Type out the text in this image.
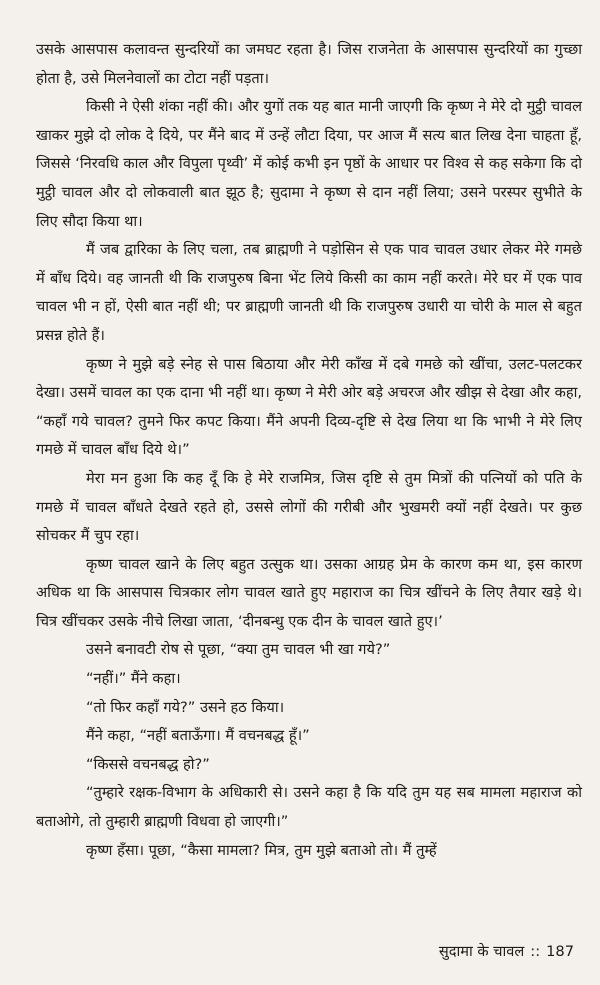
उसके आसपास कलावन्त सुन्दरियों का जमघट रहता है। जिस राजनेता के आसपास सुन्दरियों का गुच्छा होता है, उसे मिलनेवालों का टोटा नहीं पड़ता।

किसी ने ऐसी शंका नहीं की। और युगों तक यह बात मानी जाएगी कि कृष्ण ने मेरे दो मुट्ठी चावल खाकर मुझे दो लोक दे दिये, पर मैंने बाद में उन्हें लौटा दिया, पर आज मैं सत्य बात लिख देना चाहता हूँ, जिससे ‘निरवधि काल और विपुला पृथ्वी’ में कोई कभी इन पृष्ठों के आधार पर विश्व से कह सकेगा कि दो मुट्ठी चावल और दो लोकवाली बात झूठ है; सुदामा ने कृष्ण से दान नहीं लिया; उसने परस्पर सुभीते के लिए सौदा किया था।

मैं जब द्वारिका के लिए चला, तब ब्राह्मणी ने पड़ोसिन से एक पाव चावल उधार लेकर मेरे गमछे में बाँध दिये। वह जानती थी कि राजपुरुष बिना भेंट लिये किसी का काम नहीं करते। मेरे घर में एक पाव चावल भी न हों, ऐसी बात नहीं थी; पर ब्राह्मणी जानती थी कि राजपुरुष उधारी या चोरी के माल से बहुत प्रसन्न होते हैं।

कृष्ण ने मुझे बड़े स्नेह से पास बिठाया और मेरी काँख में दबे गमछे को खींचा, उलट-पलटकर देखा। उसमें चावल का एक दाना भी नहीं था। कृष्ण ने मेरी ओर बड़े अचरज और खीझ से देखा और कहा, “कहाँ गये चावल? तुमने फिर कपट किया। मैंने अपनी दिव्य-दृष्टि से देख लिया था कि भाभी ने मेरे लिए गमछे में चावल बाँध दिये थे।”

मेरा मन हुआ कि कह दूँ कि हे मेरे राजमित्र, जिस दृष्टि से तुम मित्रों की पत्नियों को पति के गमछे में चावल बाँधते देखते रहते हो, उससे लोगों की गरीबी और भुखमरी क्यों नहीं देखते। पर कुछ सोचकर मैं चुप रहा।

कृष्ण चावल खाने के लिए बहुत उत्सुक था। उसका आग्रह प्रेम के कारण कम था, इस कारण अधिक था कि आसपास चित्रकार लोग चावल खाते हुए महाराज का चित्र खींचने के लिए तैयार खड़े थे। चित्र खींचकर उसके नीचे लिखा जाता, ‘दीनबन्धु एक दीन के चावल खाते हुए।’

उसने बनावटी रोष से पूछा, “क्या तुम चावल भी खा गये?”

“नहीं।” मैंने कहा।

“तो फिर कहाँ गये?” उसने हठ किया।

मैंने कहा, “नहीं बताऊँगा। मैं वचनबद्ध हूँ।”

“किससे वचनबद्ध हो?”

“तुम्हारे रक्षक-विभाग के अधिकारी से। उसने कहा है कि यदि तुम यह सब मामला महाराज को बताओगे, तो तुम्हारी ब्राह्मणी विधवा हो जाएगी।”

कृष्ण हँसा। पूछा, “कैसा मामला? मित्र, तुम मुझे बताओ तो। मैं तुम्हें

सुदामा के चावल :: 187
